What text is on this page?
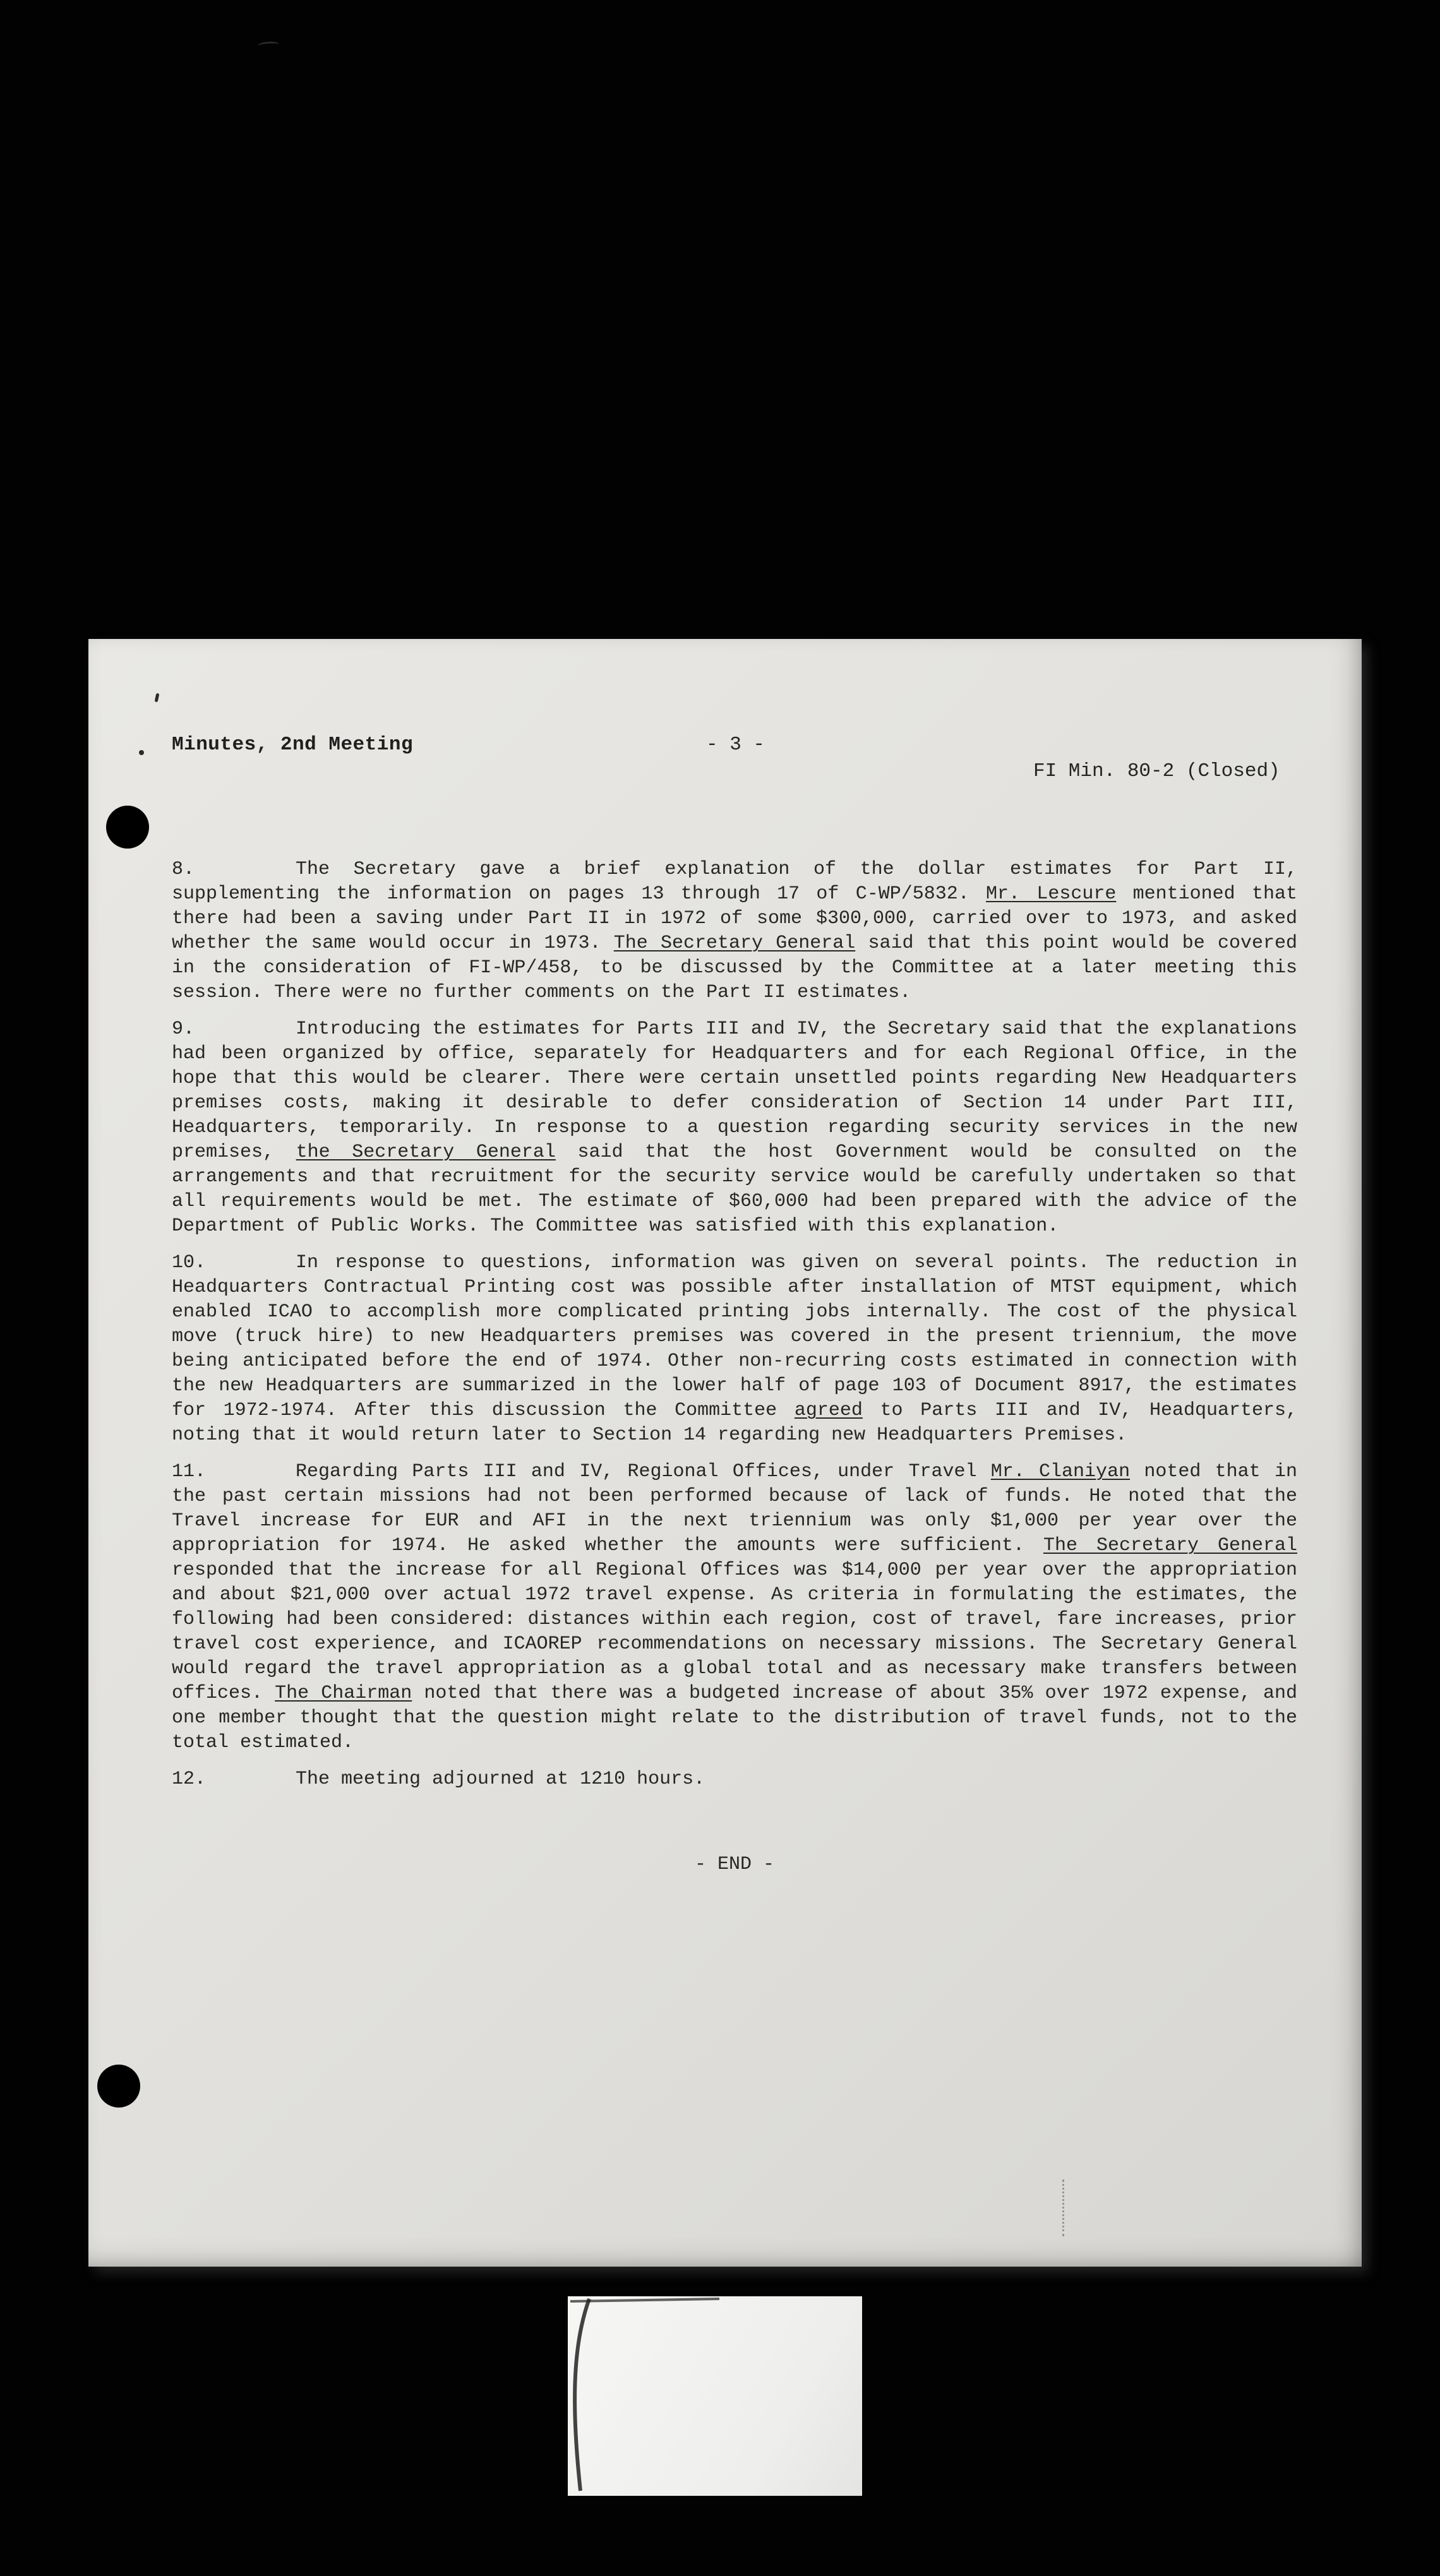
Minutes, 2nd Meeting	- 3 -
FI Min. 80-2 (Closed)

8.	The Secretary gave a brief explanation of the dollar estimates for Part II, supplementing the information on pages 13 through 17 of C-WP/5832. Mr. Lescure mentioned that there had been a saving under Part II in 1972 of some $300,000, carried over to 1973, and asked whether the same would occur in 1973. The Secretary General said that this point would be covered in the consideration of FI-WP/458, to be discussed by the Committee at a later meeting this session. There were no further comments on the Part II estimates.

9.	Introducing the estimates for Parts III and IV, the Secretary said that the explanations had been organized by office, separately for Headquarters and for each Regional Office, in the hope that this would be clearer. There were certain unsettled points regarding New Headquarters premises costs, making it desirable to defer consideration of Section 14 under Part III, Headquarters, temporarily. In response to a question regarding security services in the new premises, the Secretary General said that the host Government would be consulted on the arrangements and that recruitment for the security service would be carefully undertaken so that all requirements would be met. The estimate of $60,000 had been prepared with the advice of the Department of Public Works. The Committee was satisfied with this explanation.

10.	In response to questions, information was given on several points. The reduction in Headquarters Contractual Printing cost was possible after installation of MTST equipment, which enabled ICAO to accomplish more complicated printing jobs internally. The cost of the physical move (truck hire) to new Headquarters premises was covered in the present triennium, the move being anticipated before the end of 1974. Other non-recurring costs estimated in connection with the new Headquarters are summarized in the lower half of page 103 of Document 8917, the estimates for 1972-1974. After this discussion the Committee agreed to Parts III and IV, Headquarters, noting that it would return later to Section 14 regarding new Headquarters Premises.

11.	Regarding Parts III and IV, Regional Offices, under Travel Mr. Claniyan noted that in the past certain missions had not been performed because of lack of funds. He noted that the Travel increase for EUR and AFI in the next triennium was only $1,000 per year over the appropriation for 1974. He asked whether the amounts were sufficient. The Secretary General responded that the increase for all Regional Offices was $14,000 per year over the appropriation and about $21,000 over actual 1972 travel expense. As criteria in formulating the estimates, the following had been considered: distances within each region, cost of travel, fare increases, prior travel cost experience, and ICAOREP recommendations on necessary missions. The Secretary General would regard the travel appropriation as a global total and as necessary make transfers between offices. The Chairman noted that there was a budgeted increase of about 35% over 1972 expense, and one member thought that the question might relate to the distribution of travel funds, not to the total estimated.

12.	The meeting adjourned at 1210 hours.

- END -
